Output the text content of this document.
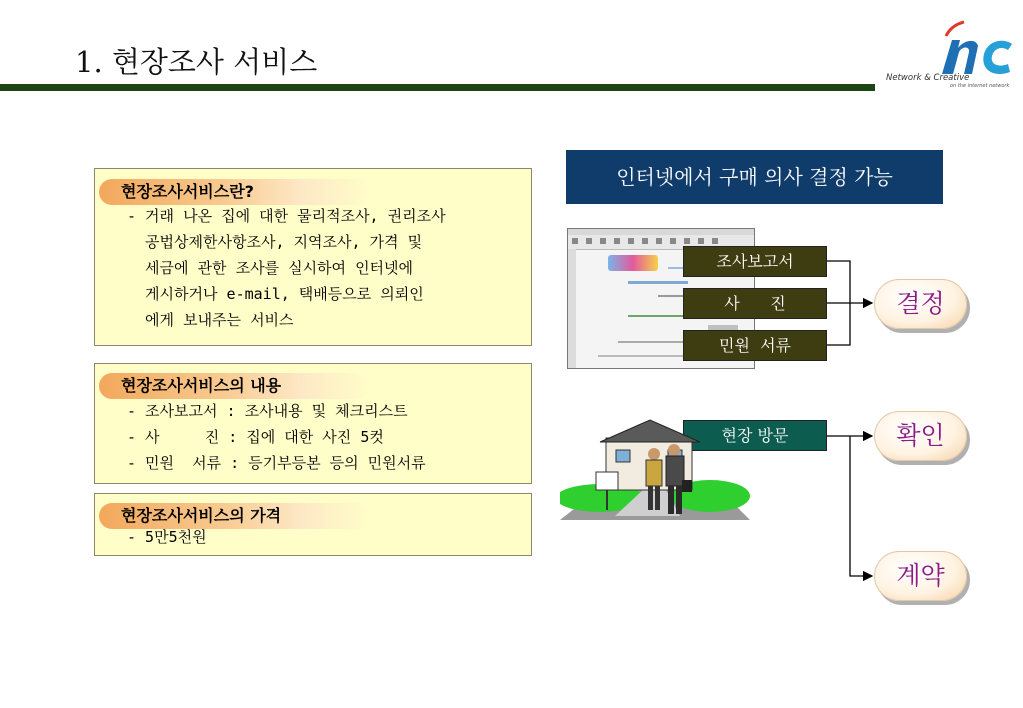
1. 현장조사 서비스	Network & Creative
on the internet network
현장조사서비스란?
- 거래 나온 집에 대한 물리적조사, 권리조사
공법상제한사항조사, 지역조사, 가격 및
세금에 관한 조사를 실시하여 인터넷에
게시하거나 e-mail, 택배등으로 의뢰인
에게 보내주는 서비스
현장조사서비스의 내용
- 조사보고서 : 조사내용 및 체크리스트
- 사     진 : 집에 대한 사진 5컷
- 민원  서류 : 등기부등본 등의 민원서류
현장조사서비스의 가격
- 5만5천원
인터넷에서 구매 의사 결정 가능
조사보고서
사      진
민원  서류
현장 방문
결정
확인
계약
